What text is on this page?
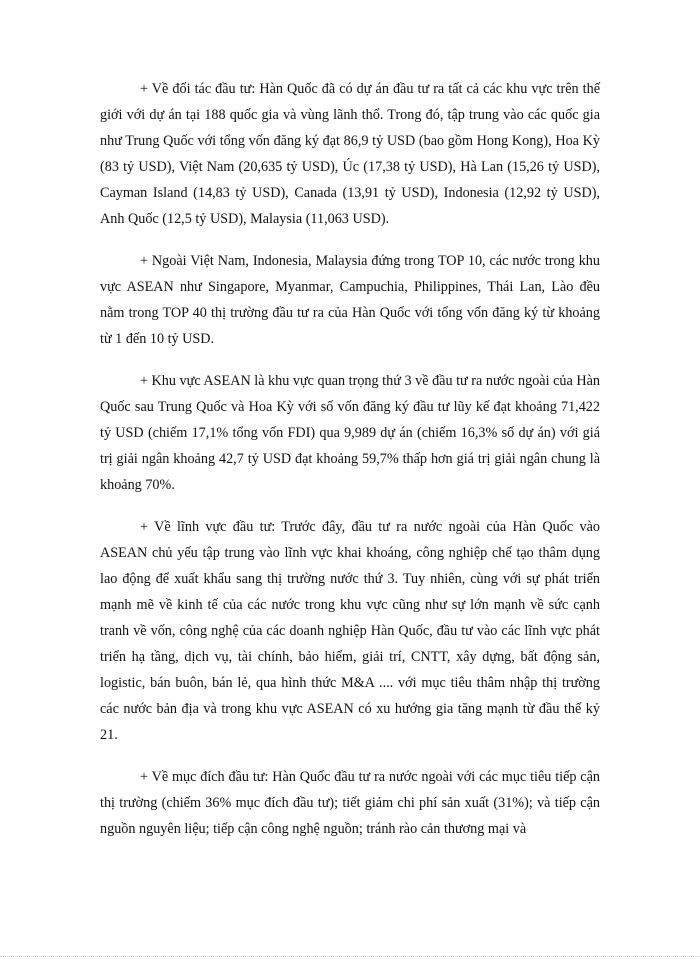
+ Về đối tác đầu tư: Hàn Quốc đã có dự án đầu tư ra tất cả các khu vực trên thế giới với dự án tại 188 quốc gia và vùng lãnh thổ. Trong đó, tập trung vào các quốc gia như Trung Quốc với tổng vốn đăng ký đạt 86,9 tỷ USD (bao gồm Hong Kong), Hoa Kỳ (83 tỷ USD), Việt Nam (20,635 tỷ USD), Úc (17,38 tỷ USD), Hà Lan (15,26 tỷ USD), Cayman Island (14,83 tỷ USD), Canada (13,91 tỷ USD), Indonesia (12,92 tỷ USD), Anh Quốc (12,5 tỷ USD), Malaysia (11,063 USD).

+ Ngoài Việt Nam, Indonesia, Malaysia đứng trong TOP 10, các nước trong khu vực ASEAN như Singapore, Myanmar, Campuchia, Philippines, Thái Lan, Lào đều nằm trong TOP 40 thị trường đầu tư ra của Hàn Quốc với tổng vốn đăng ký từ khoảng từ 1 đến 10 tỷ USD.

+ Khu vực ASEAN là khu vực quan trọng thứ 3 về đầu tư ra nước ngoài của Hàn Quốc sau Trung Quốc và Hoa Kỳ với số vốn đăng ký đầu tư lũy kế đạt khoảng 71,422 tỷ USD (chiếm 17,1% tổng vốn FDI) qua 9,989 dự án (chiếm 16,3% số dự án) với giá trị giải ngân khoảng 42,7 tỷ USD đạt khoảng 59,7% thấp hơn giá trị giải ngân chung là khoảng 70%.

+ Về lĩnh vực đầu tư: Trước đây, đầu tư ra nước ngoài của Hàn Quốc vào ASEAN chủ yếu tập trung vào lĩnh vực khai khoáng, công nghiệp chế tạo thâm dụng lao động để xuất khẩu sang thị trường nước thứ 3. Tuy nhiên, cùng với sự phát triển mạnh mẽ về kinh tế của các nước trong khu vực cũng như sự lớn mạnh về sức cạnh tranh về vốn, công nghệ của các doanh nghiệp Hàn Quốc, đầu tư vào các lĩnh vực phát triển hạ tầng, dịch vụ, tài chính, bảo hiểm, giải trí, CNTT, xây dựng, bất động sản, logistic, bán buôn, bán lẻ, qua hình thức M&A .... với mục tiêu thâm nhập thị trường các nước bản địa và trong khu vực ASEAN có xu hướng gia tăng mạnh từ đầu thế kỷ 21.

+ Về mục đích đầu tư: Hàn Quốc đầu tư ra nước ngoài với các mục tiêu tiếp cận thị trường (chiếm 36% mục đích đầu tư); tiết giảm chi phí sản xuất (31%); và tiếp cận nguồn nguyên liệu; tiếp cận công nghệ nguồn; tránh rào cản thương mại và
